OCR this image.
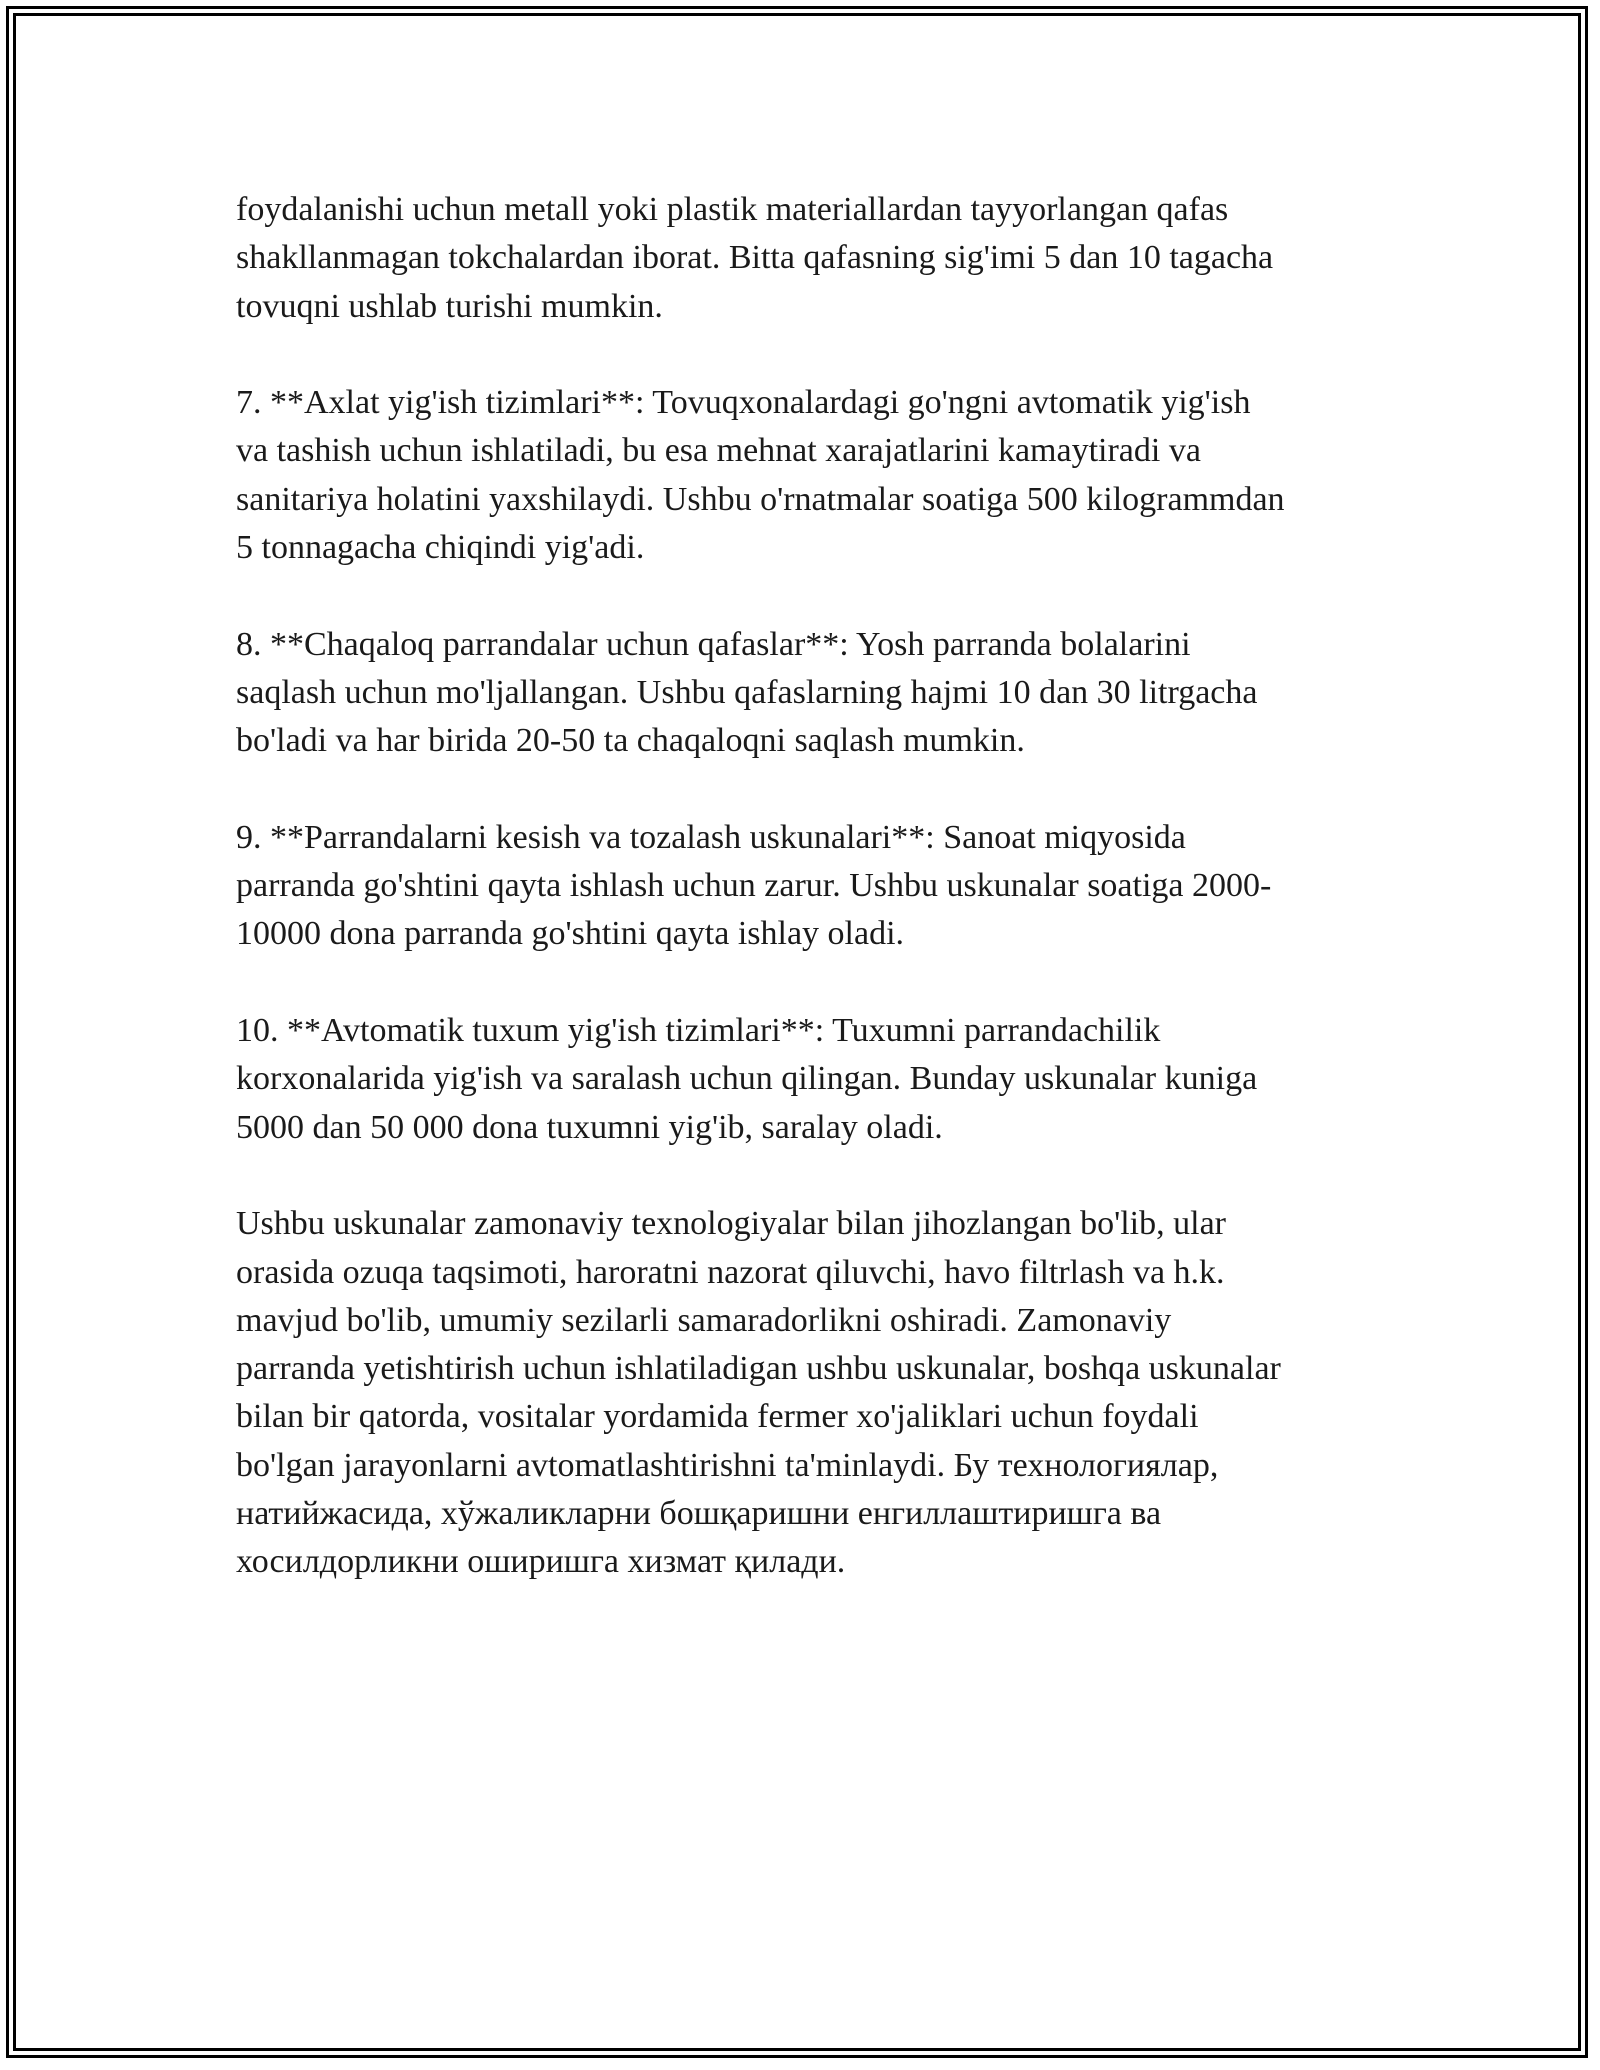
foydalanishi uchun metall yoki plastik materiallardan tayyorlangan qafas
shakllanmagan tokchalardan iborat. Bitta qafasning sig'imi 5 dan 10 tagacha
tovuqni ushlab turishi mumkin.

7. **Axlat yig'ish tizimlari**: Tovuqxonalardagi go'ngni avtomatik yig'ish
va tashish uchun ishlatiladi, bu esa mehnat xarajatlarini kamaytiradi va
sanitariya holatini yaxshilaydi. Ushbu o'rnatmalar soatiga 500 kilogrammdan
5 tonnagacha chiqindi yig'adi.

8. **Chaqaloq parrandalar uchun qafaslar**: Yosh parranda bolalarini
saqlash uchun mo'ljallangan. Ushbu qafaslarning hajmi 10 dan 30 litrgacha
bo'ladi va har birida 20-50 ta chaqaloqni saqlash mumkin.

9. **Parrandalarni kesish va tozalash uskunalari**: Sanoat miqyosida
parranda go'shtini qayta ishlash uchun zarur. Ushbu uskunalar soatiga 2000-
10000 dona parranda go'shtini qayta ishlay oladi.

10. **Avtomatik tuxum yig'ish tizimlari**: Tuxumni parrandachilik
korxonalarida yig'ish va saralash uchun qilingan. Bunday uskunalar kuniga
5000 dan 50 000 dona tuxumni yig'ib, saralay oladi.

Ushbu uskunalar zamonaviy texnologiyalar bilan jihozlangan bo'lib, ular
orasida ozuqa taqsimoti, haroratni nazorat qiluvchi, havo filtrlash va h.k.
mavjud bo'lib, umumiy sezilarli samaradorlikni oshiradi. Zamonaviy
parranda yetishtirish uchun ishlatiladigan ushbu uskunalar, boshqa uskunalar
bilan bir qatorda, vositalar yordamida fermer xo'jaliklari uchun foydali
bo'lgan jarayonlarni avtomatlashtirishni ta'minlaydi. Бу технологиялар,
натийжасида, хўжаликларни бошқаришни енгиллаштиришга ва
хосилдорликни оширишга хизмат қилади.
